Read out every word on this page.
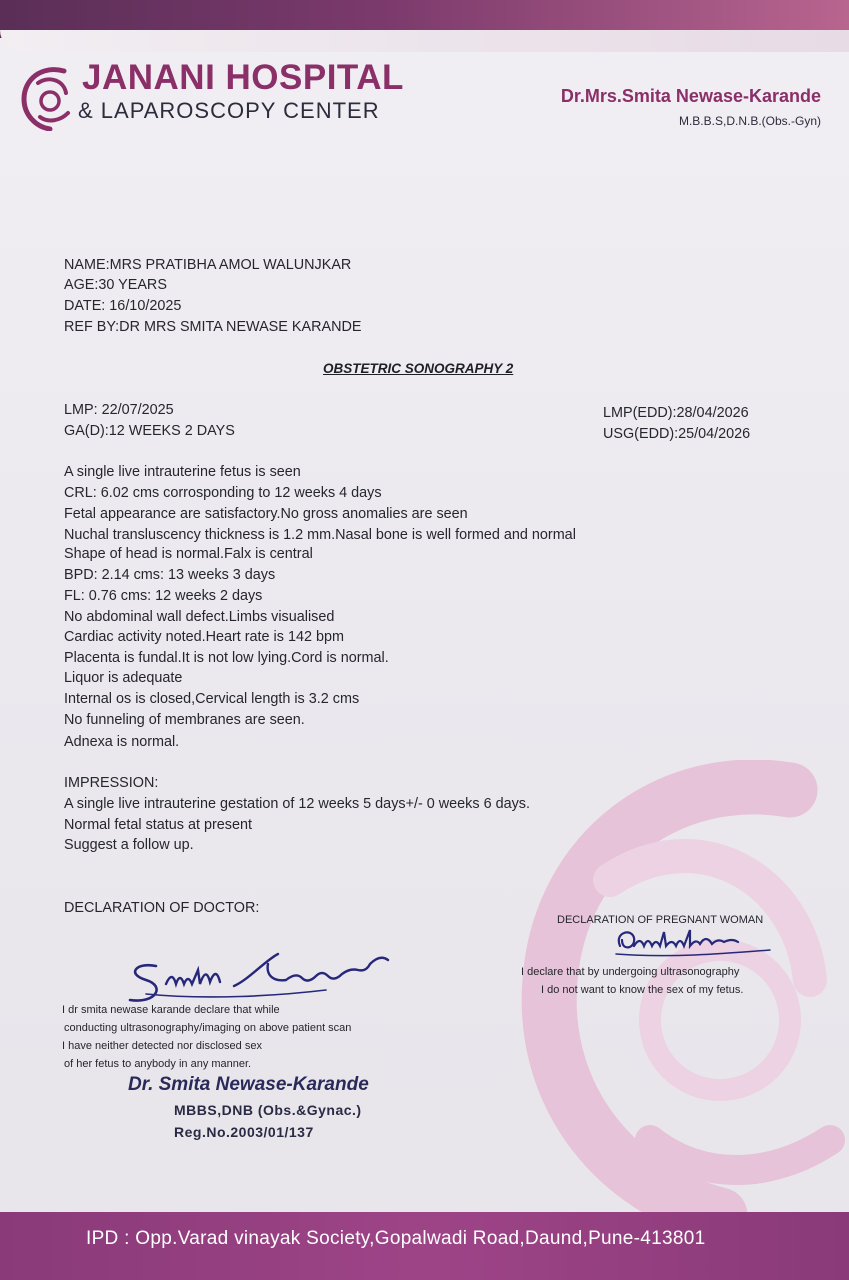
JANANI HOSPITAL
& LAPAROSCOPY CENTER
Dr.Mrs.Smita Newase-Karande
M.B.B.S,D.N.B.(Obs.-Gyn)
NAME:MRS PRATIBHA AMOL WALUNJKAR
AGE:30 YEARS
DATE: 16/10/2025
REF BY:DR MRS SMITA NEWASE KARANDE
OBSTETRIC SONOGRAPHY 2
LMP: 22/07/2025
GA(D):12 WEEKS 2 DAYS
LMP(EDD):28/04/2026
USG(EDD):25/04/2026
A single live intrauterine fetus is seen
CRL: 6.02 cms corrosponding to 12 weeks 4 days
Fetal appearance are satisfactory.No gross anomalies are seen
Nuchal transluscency thickness is 1.2 mm.Nasal bone is well formed and normal
Shape of head is normal.Falx is central
BPD: 2.14 cms: 13 weeks 3 days
FL: 0.76 cms: 12 weeks 2 days
No abdominal wall defect.Limbs visualised
Cardiac activity noted.Heart rate is 142 bpm
Placenta is fundal.It is not low lying.Cord is normal.
Liquor is adequate
Internal os is closed,Cervical length is 3.2 cms
No funneling of membranes are seen.
Adnexa is normal.
IMPRESSION:
A single live intrauterine gestation of 12 weeks 5 days+/- 0 weeks 6 days.
Normal fetal status at present
Suggest a follow up.
DECLARATION OF DOCTOR:
I dr smita newase karande declare that while
conducting ultrasonography/imaging on above patient scan
I have neither detected nor disclosed sex
of her fetus to anybody in any manner.
Dr. Smita Newase-Karande
MBBS,DNB (Obs.&Gynac.)
Reg.No.2003/01/137
DECLARATION OF PREGNANT WOMAN
I declare that by undergoing ultrasonography
I do not want to know the sex of my fetus.
IPD : Opp.Varad vinayak Society,Gopalwadi Road,Daund,Pune-413801
